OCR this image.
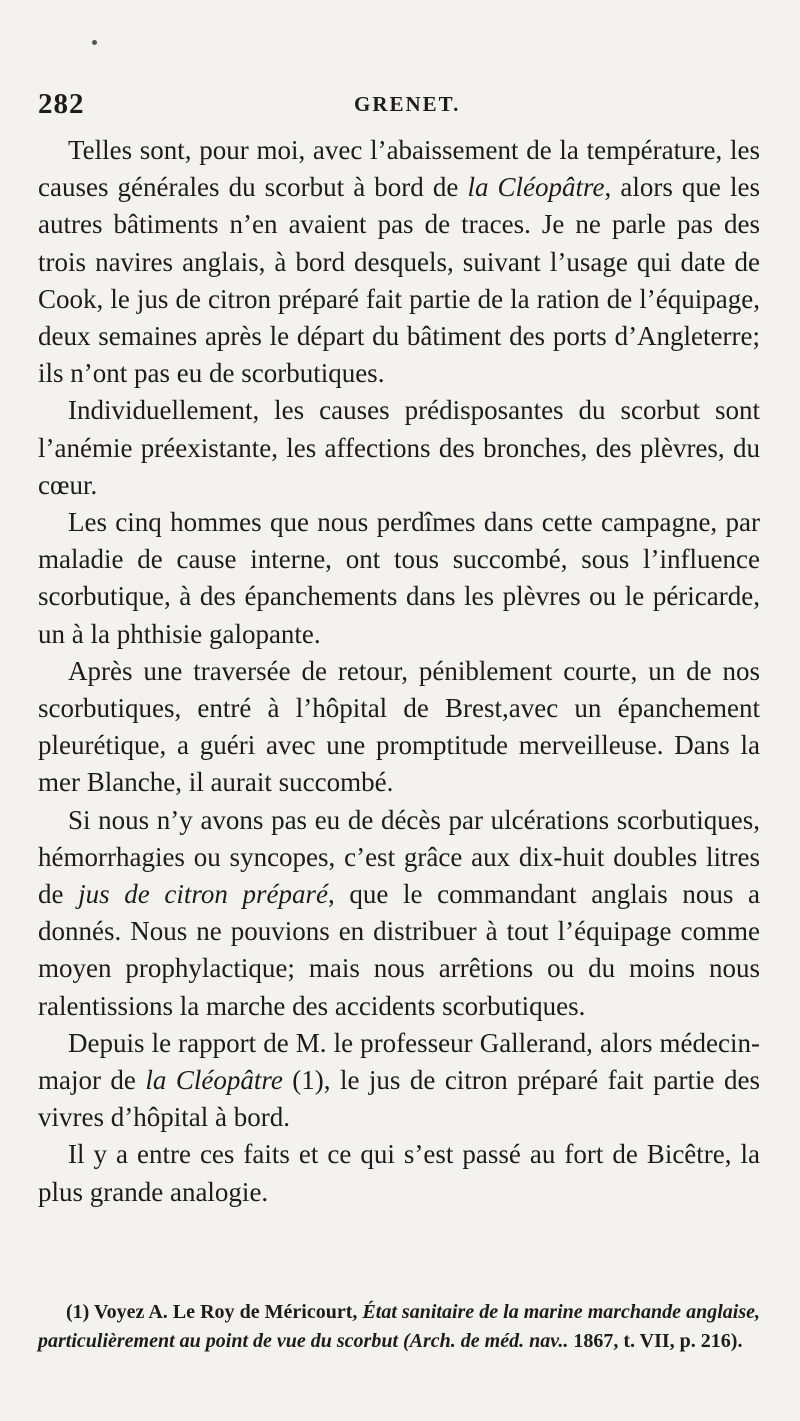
282	GRENET.

Telles sont, pour moi, avec l’abaissement de la température, les causes générales du scorbut à bord de la Cléopâtre, alors que les autres bâtiments n’en avaient pas de traces. Je ne parle pas des trois navires anglais, à bord desquels, suivant l’usage qui date de Cook, le jus de citron préparé fait partie de la ration de l’équipage, deux semaines après le départ du bâtiment des ports d’Angleterre; ils n’ont pas eu de scorbutiques.

Individuellement, les causes prédisposantes du scorbut sont l’anémie préexistante, les affections des bronches, des plèvres, du cœur.

Les cinq hommes que nous perdîmes dans cette campagne, par maladie de cause interne, ont tous succombé, sous l’influence scorbutique, à des épanchements dans les plèvres ou le péricarde, un à la phthisie galopante.

Après une traversée de retour, péniblement courte, un de nos scorbutiques, entré à l’hôpital de Brest,avec un épanchement pleurétique, a guéri avec une promptitude merveilleuse. Dans la mer Blanche, il aurait succombé.

Si nous n’y avons pas eu de décès par ulcérations scorbutiques, hémorrhagies ou syncopes, c’est grâce aux dix-huit doubles litres de jus de citron préparé, que le commandant anglais nous a donnés. Nous ne pouvions en distribuer à tout l’équipage comme moyen prophylactique; mais nous arrêtions ou du moins nous ralentissions la marche des accidents scorbutiques.

Depuis le rapport de M. le professeur Gallerand, alors médecin-major de la Cléopâtre (1), le jus de citron préparé fait partie des vivres d’hôpital à bord.

Il y a entre ces faits et ce qui s’est passé au fort de Bicêtre, la plus grande analogie.

(1) Voyez A. Le Roy de Méricourt, État sanitaire de la marine marchande anglaise, particulièrement au point de vue du scorbut (Arch. de méd. nav.. 1867, t. VII, p. 216).
